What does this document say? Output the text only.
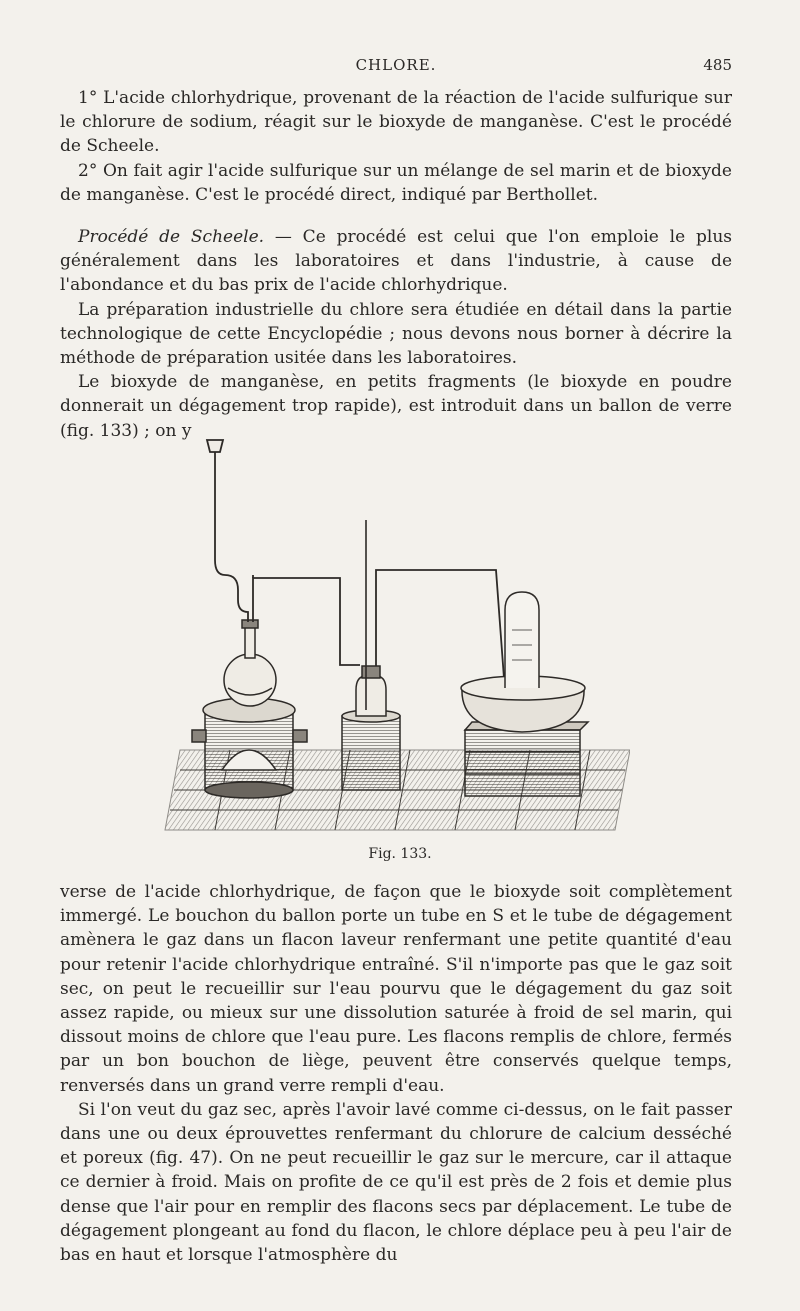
CHLORE.	485

1° L'acide chlorhydrique, provenant de la réaction de l'acide sulfurique sur le chlorure de sodium, réagit sur le bioxyde de manganèse. C'est le procédé de Scheele.

2° On fait agir l'acide sulfurique sur un mélange de sel marin et de bioxyde de manganèse. C'est le procédé direct, indiqué par Berthollet.

Procédé de Scheele. — Ce procédé est celui que l'on emploie le plus généralement dans les laboratoires et dans l'industrie, à cause de l'abondance et du bas prix de l'acide chlorhydrique.

La préparation industrielle du chlore sera étudiée en détail dans la partie technologique de cette Encyclopédie ; nous devons nous borner à décrire la méthode de préparation usitée dans les laboratoires.

Le bioxyde de manganèse, en petits fragments (le bioxyde en poudre donnerait un dégagement trop rapide), est introduit dans un ballon de verre (fig. 133) ; on y

Fig. 133.

verse de l'acide chlorhydrique, de façon que le bioxyde soit complètement immergé. Le bouchon du ballon porte un tube en S et le tube de dégagement amènera le gaz dans un flacon laveur renfermant une petite quantité d'eau pour retenir l'acide chlorhydrique entraîné. S'il n'importe pas que le gaz soit sec, on peut le recueillir sur l'eau pourvu que le dégagement du gaz soit assez rapide, ou mieux sur une dissolution saturée à froid de sel marin, qui dissout moins de chlore que l'eau pure. Les flacons remplis de chlore, fermés par un bon bouchon de liège, peuvent être conservés quelque temps, renversés dans un grand verre rempli d'eau.

Si l'on veut du gaz sec, après l'avoir lavé comme ci-dessus, on le fait passer dans une ou deux éprouvettes renfermant du chlorure de calcium desséché et poreux (fig. 47). On ne peut recueillir le gaz sur le mercure, car il attaque ce dernier à froid. Mais on profite de ce qu'il est près de 2 fois et demie plus dense que l'air pour en remplir des flacons secs par déplacement. Le tube de dégagement plongeant au fond du flacon, le chlore déplace peu à peu l'air de bas en haut et lorsque l'atmosphère du
